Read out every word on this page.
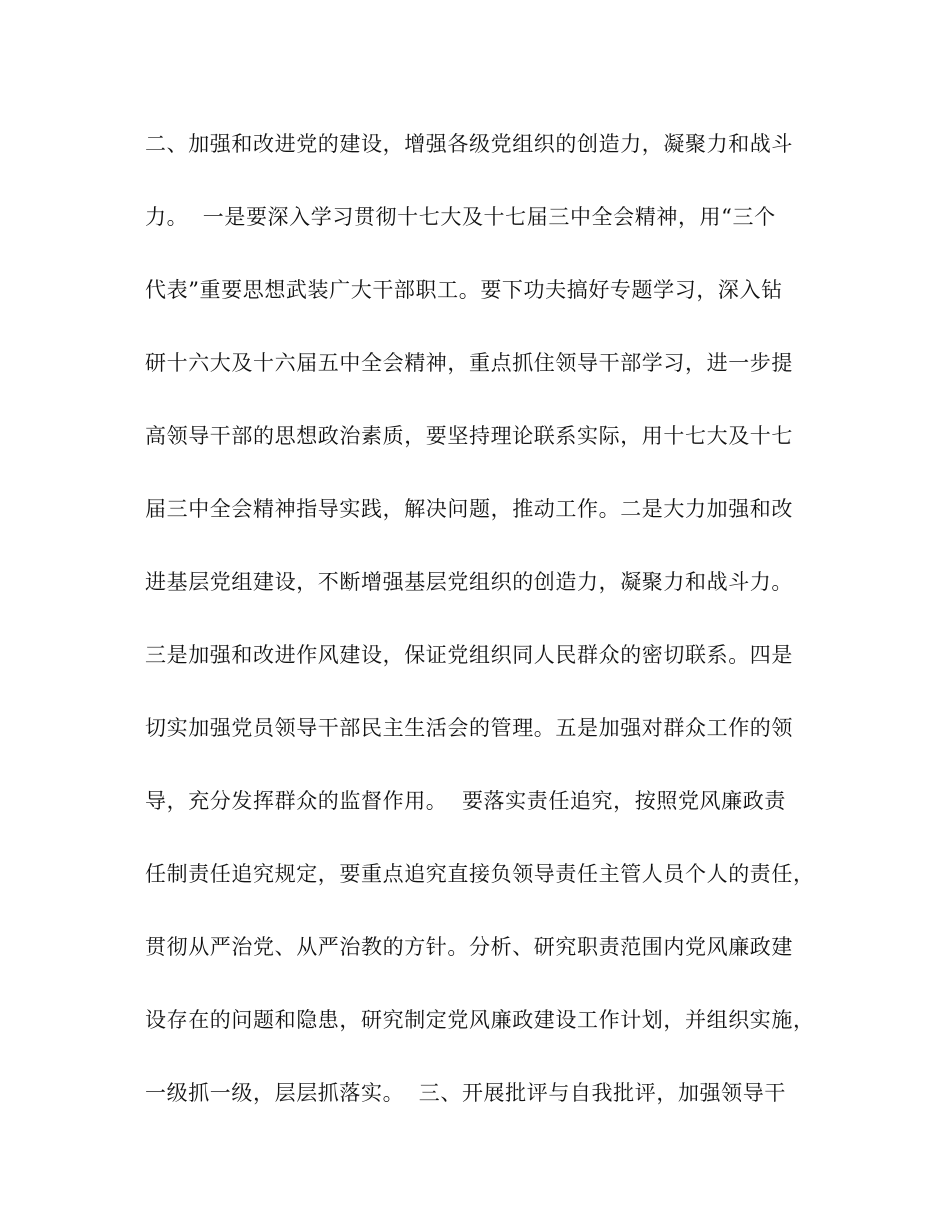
二、加强和改进党的建设，增强各级党组织的创造力，凝聚力和战斗
力。  一是要深入学习贯彻十七大及十七届三中全会精神，用“三个
代表”重要思想武装广大干部职工。要下功夫搞好专题学习，深入钻
研十六大及十六届五中全会精神，重点抓住领导干部学习，进一步提
高领导干部的思想政治素质，要坚持理论联系实际，用十七大及十七
届三中全会精神指导实践，解决问题，推动工作。二是大力加强和改
进基层党组建设，不断增强基层党组织的创造力，凝聚力和战斗力。
三是加强和改进作风建设，保证党组织同人民群众的密切联系。四是
切实加强党员领导干部民主生活会的管理。五是加强对群众工作的领
导，充分发挥群众的监督作用。  要落实责任追究，按照党风廉政责
任制责任追究规定，要重点追究直接负领导责任主管人员个人的责任，
贯彻从严治党、从严治教的方针。分析、研究职责范围内党风廉政建
设存在的问题和隐患，研究制定党风廉政建设工作计划，并组织实施，
一级抓一级，层层抓落实。  三、开展批评与自我批评，加强领导干
